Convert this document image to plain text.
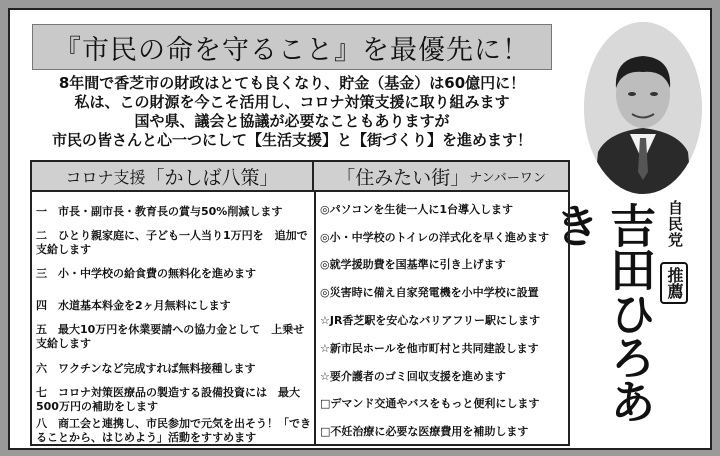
『市民の命を守ること』を最優先に！
8年間で香芝市の財政はとても良くなり、貯金（基金）は60億円に！
私は、この財源を今こそ活用し、コロナ対策支援に取り組みます
国や県、議会と協議が必要なこともありますが
市民の皆さんと心一つにして【生活支援】と【街づくり】を進めます！
自民党
推薦
吉田ひろあき
コロナ支援 「かしば八策」	「住みたい街」 ナンバーワン
一　市長・副市長・教育長の賞与50%削減します
二　ひとり親家庭に、子ども一人当り1万円を　追加で支給します
三　小・中学校の給食費の無料化を進めます
四　水道基本料金を2ヶ月無料にします
五　最大10万円を休業要請への協力金として　上乗せ支給します
六　ワクチンなど完成すれば無料接種します
七　コロナ対策医療品の製造する設備投資には　最大500万円の補助をします
八　商工会と連携し、市民参加で元気を出そう！「できることから、はじめよう」活動をすすめます
◎パソコンを生徒一人に1台導入します
◎小・中学校のトイレの洋式化を早く進めます
◎就学援助費を国基準に引き上げます
◎災害時に備え自家発電機を小中学校に設置
☆JR香芝駅を安心なバリアフリー駅にします
☆新市民ホールを他市町村と共同建設します
☆要介護者のゴミ回収支援を進めます
□デマンド交通やバスをもっと便利にします
□不妊治療に必要な医療費用を補助します
